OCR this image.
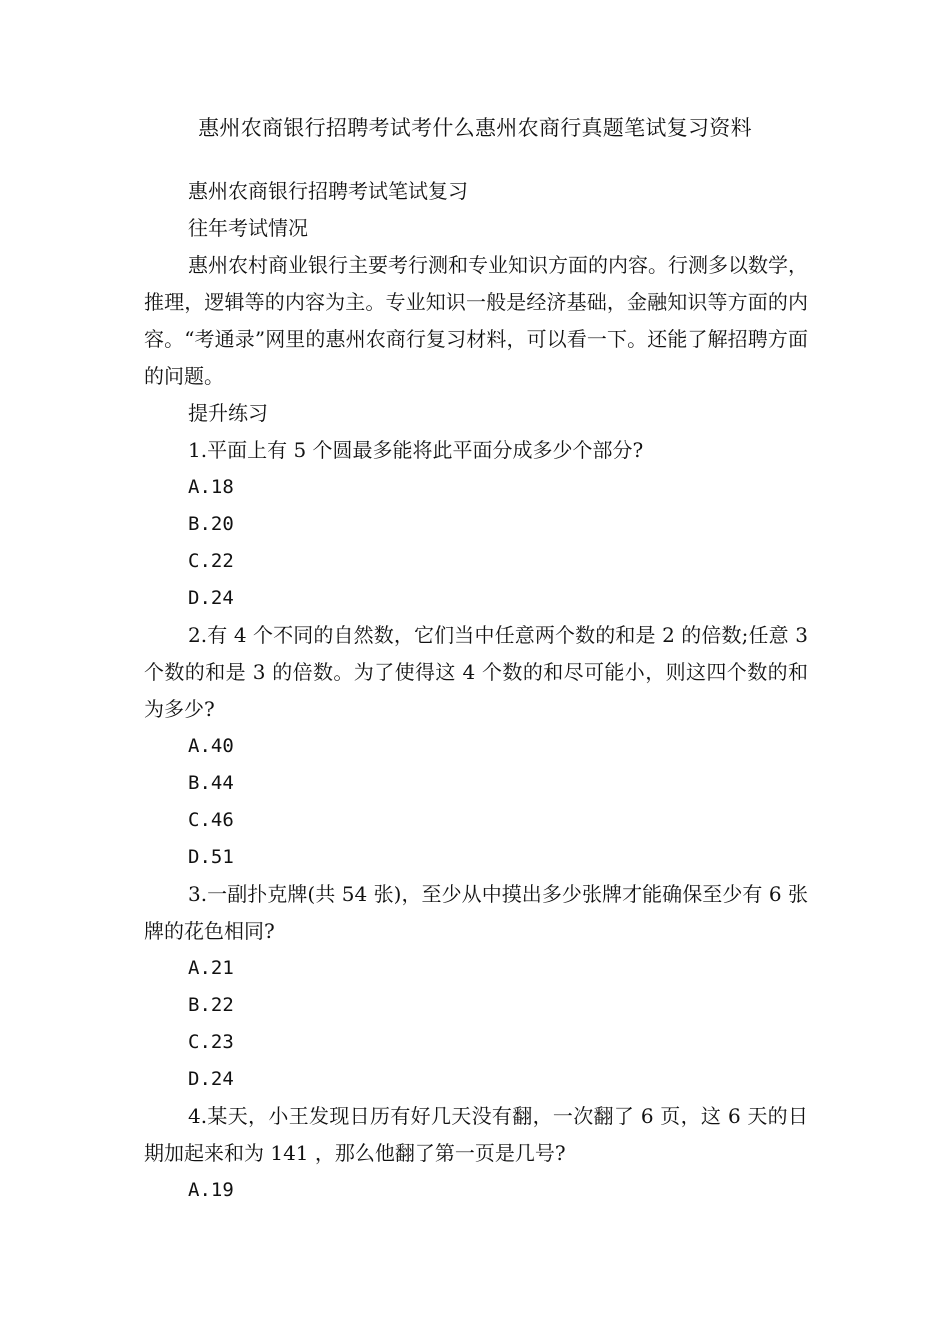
惠州农商银行招聘考试考什么惠州农商行真题笔试复习资料

惠州农商银行招聘考试笔试复习

往年考试情况

惠州农村商业银行主要考行测和专业知识方面的内容。行测多以数学，推理，逻辑等的内容为主。专业知识一般是经济基础，金融知识等方面的内容。“考通录”网里的惠州农商行复习材料，可以看一下。还能了解招聘方面的问题。

提升练习

1.平面上有 5 个圆最多能将此平面分成多少个部分?

A.18

B.20

C.22

D.24

2.有 4 个不同的自然数，它们当中任意两个数的和是 2 的倍数;任意 3 个数的和是 3 的倍数。为了使得这 4 个数的和尽可能小，则这四个数的和为多少?

A.40

B.44

C.46

D.51

3.一副扑克牌(共 54 张)，至少从中摸出多少张牌才能确保至少有 6 张牌的花色相同?

A.21

B.22

C.23

D.24

4.某天，小王发现日历有好几天没有翻，一次翻了 6 页，这 6 天的日期加起来和为 141 ，那么他翻了第一页是几号?

A.19
